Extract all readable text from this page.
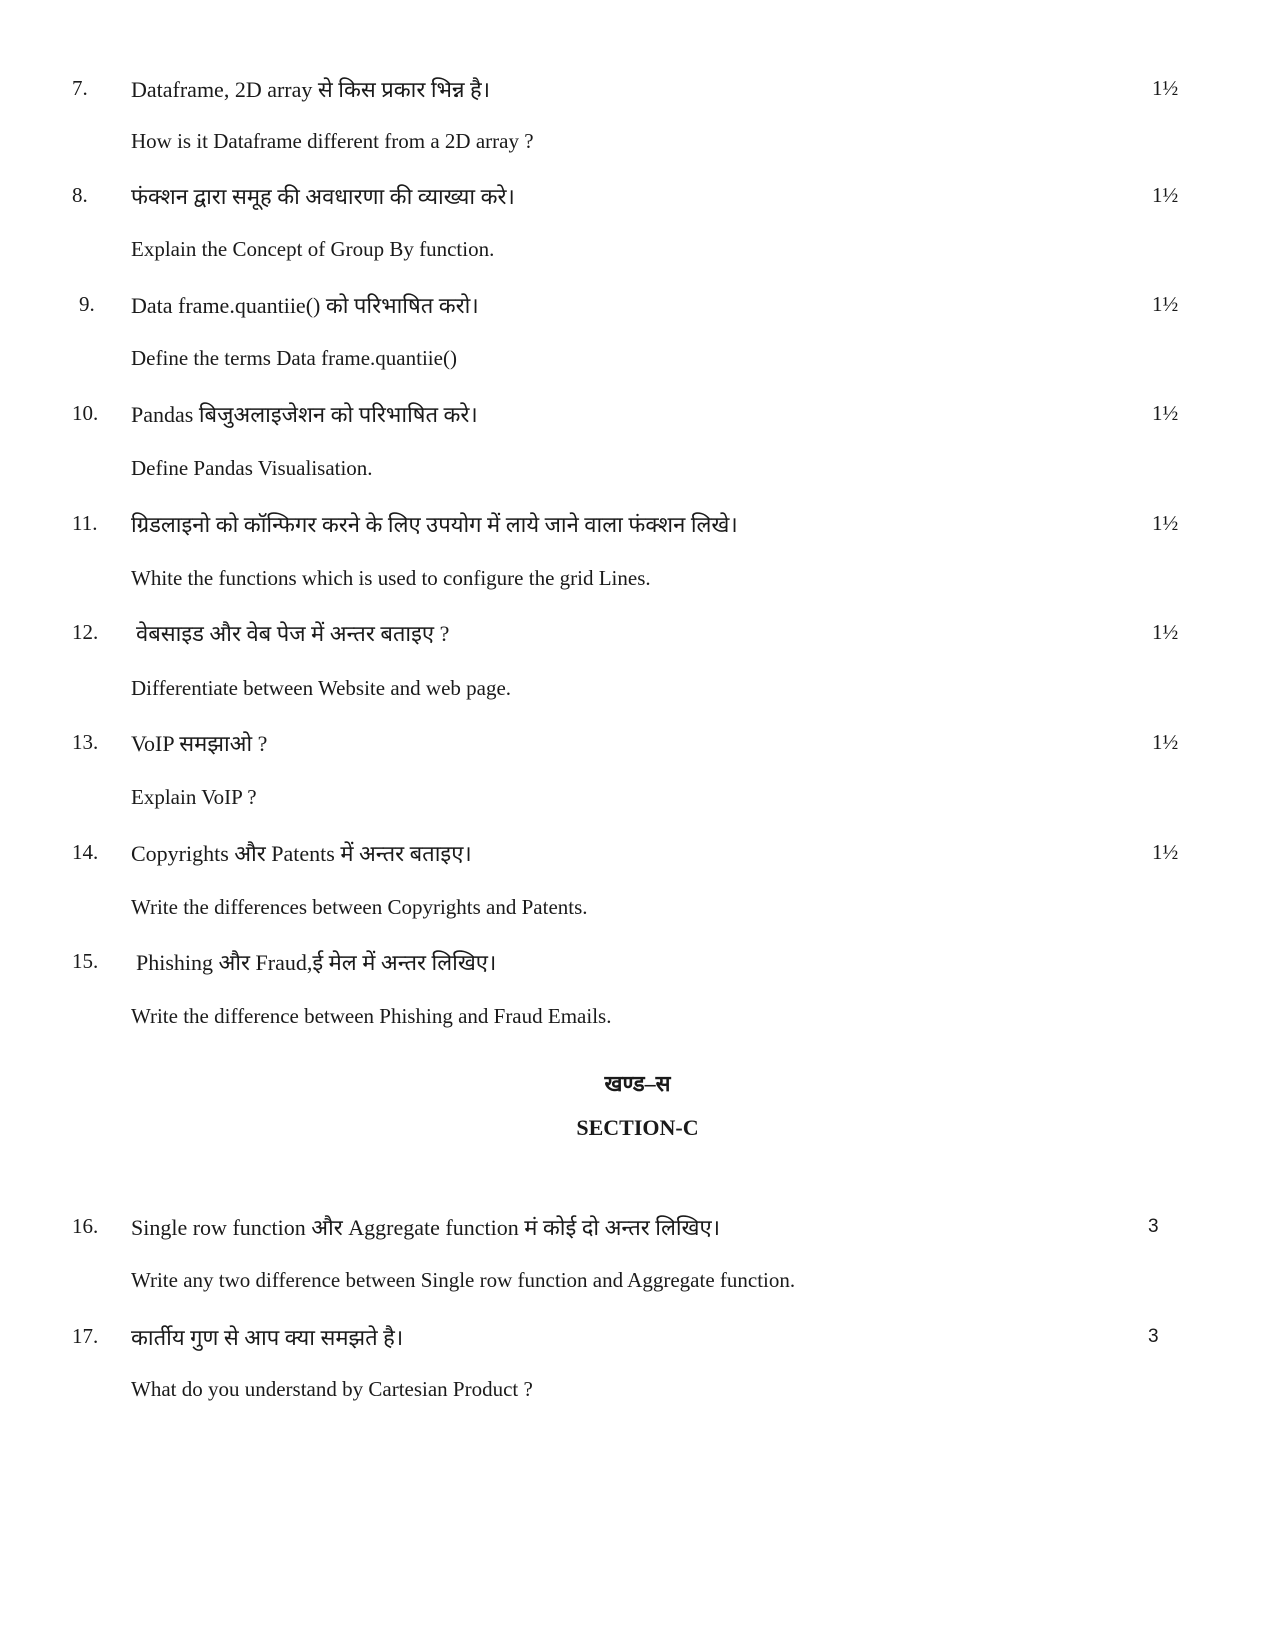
7. Dataframe, 2D array से किस प्रकार भिन्न है।	1½
How is it Dataframe different from a 2D array ?
8. फंक्शन द्वारा समूह की अवधारणा की व्याख्या करे।	1½
Explain the Concept of Group By function.
9. Data frame.quantiie() को परिभाषित करो।	1½
Define the terms Data frame.quantiie()
10. Pandas बिजुअलाइजेशन को परिभाषित करे।	1½
Define Pandas Visualisation.
11. ग्रिडलाइनो को कॉन्फिगर करने के लिए उपयोग में लाये जाने वाला फंक्शन लिखे।	1½
White the functions which is used to configure the grid Lines.
12. वेबसाइड और वेब पेज में अन्तर बताइए ?	1½
Differentiate between Website and web page.
13. VoIP समझाओ ?	1½
Explain VoIP ?
14. Copyrights और Patents में अन्तर बताइए।	1½
Write the differences between Copyrights and Patents.
15. Phishing और Fraud,ई मेल में अन्तर लिखिए।
Write the difference between Phishing and Fraud Emails.
खण्ड–स
SECTION-C
16. Single row function और Aggregate function मं कोई दो अन्तर लिखिए।	3
Write any two difference between Single row function and Aggregate function.
17. कार्तीय गुण से आप क्या समझते है।	3
What do you understand by Cartesian Product ?
